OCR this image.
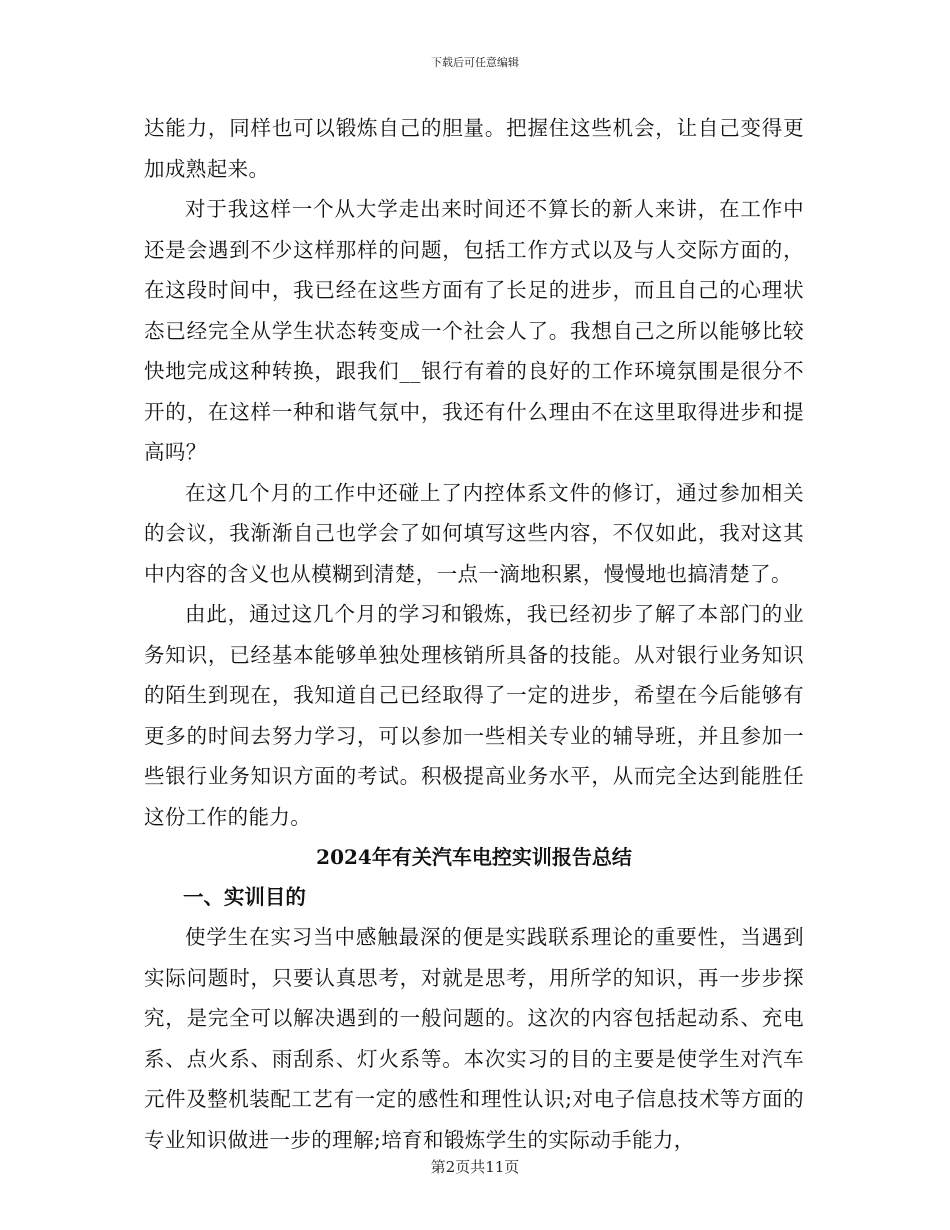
下载后可任意编辑

达能力，同样也可以锻炼自己的胆量。把握住这些机会，让自己变得更加成熟起来。

对于我这样一个从大学走出来时间还不算长的新人来讲，在工作中还是会遇到不少这样那样的问题，包括工作方式以及与人交际方面的，在这段时间中，我已经在这些方面有了长足的进步，而且自己的心理状态已经完全从学生状态转变成一个社会人了。我想自己之所以能够比较快地完成这种转换，跟我们__银行有着的良好的工作环境氛围是很分不开的，在这样一种和谐气氛中，我还有什么理由不在这里取得进步和提高吗？

在这几个月的工作中还碰上了内控体系文件的修订，通过参加相关的会议，我渐渐自己也学会了如何填写这些内容，不仅如此，我对这其中内容的含义也从模糊到清楚，一点一滴地积累，慢慢地也搞清楚了。

由此，通过这几个月的学习和锻炼，我已经初步了解了本部门的业务知识，已经基本能够单独处理核销所具备的技能。从对银行业务知识的陌生到现在，我知道自己已经取得了一定的进步，希望在今后能够有更多的时间去努力学习，可以参加一些相关专业的辅导班，并且参加一些银行业务知识方面的考试。积极提高业务水平，从而完全达到能胜任这份工作的能力。

2024年有关汽车电控实训报告总结

一、实训目的

使学生在实习当中感触最深的便是实践联系理论的重要性，当遇到实际问题时，只要认真思考，对就是思考，用所学的知识，再一步步探究，是完全可以解决遇到的一般问题的。这次的内容包括起动系、充电系、点火系、雨刮系、灯火系等。本次实习的目的主要是使学生对汽车元件及整机装配工艺有一定的感性和理性认识;对电子信息技术等方面的专业知识做进一步的理解;培育和锻炼学生的实际动手能力，

第2页共11页
